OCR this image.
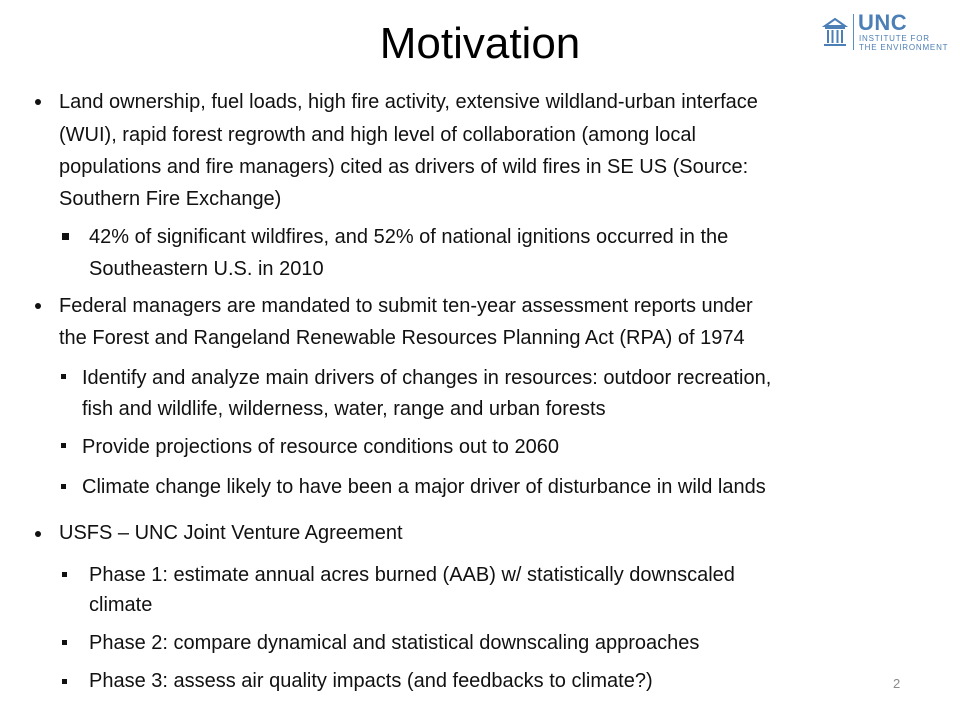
Motivation	UNC
INSTITUTE FOR
THE ENVIRONMENT
Land ownership, fuel loads, high fire activity, extensive wildland-urban interface
(WUI), rapid forest regrowth and high level of collaboration (among local
populations and fire managers) cited as drivers of wild fires in SE US (Source:
Southern Fire Exchange)
42% of significant wildfires, and 52% of national ignitions occurred in the
Southeastern U.S. in 2010
Federal managers are mandated to submit ten-year assessment reports under
the Forest and Rangeland Renewable Resources Planning Act (RPA) of 1974
Identify and analyze main drivers of changes in resources: outdoor recreation,
fish and wildlife, wilderness, water, range and urban forests
Provide projections of resource conditions out to 2060
Climate change likely to have been a major driver of disturbance in wild lands
USFS – UNC Joint Venture Agreement
Phase 1: estimate annual acres burned (AAB) w/ statistically downscaled
climate
Phase 2: compare dynamical and statistical downscaling approaches
Phase 3: assess air quality impacts (and feedbacks to climate?)	2
